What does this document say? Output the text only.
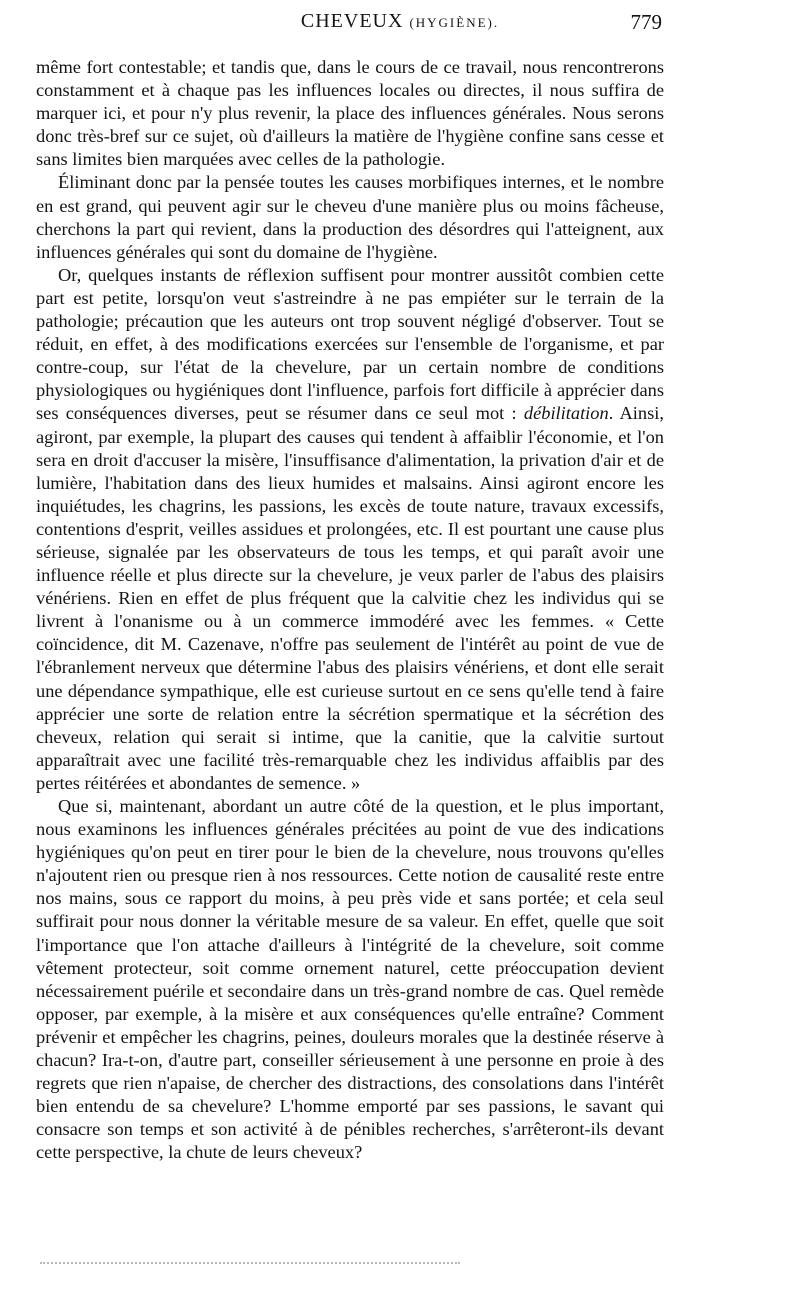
CHEVEUX (HYGIÈNE).	779

même fort contestable; et tandis que, dans le cours de ce travail, nous rencontrerons constamment et à chaque pas les influences locales ou directes, il nous suffira de marquer ici, et pour n'y plus revenir, la place des influences générales. Nous serons donc très-bref sur ce sujet, où d'ailleurs la matière de l'hygiène confine sans cesse et sans limites bien marquées avec celles de la pathologie.

Éliminant donc par la pensée toutes les causes morbifiques internes, et le nombre en est grand, qui peuvent agir sur le cheveu d'une manière plus ou moins fâcheuse, cherchons la part qui revient, dans la production des désordres qui l'atteignent, aux influences générales qui sont du domaine de l'hygiène.

Or, quelques instants de réflexion suffisent pour montrer aussitôt combien cette part est petite, lorsqu'on veut s'astreindre à ne pas empiéter sur le terrain de la pathologie; précaution que les auteurs ont trop souvent négligé d'observer. Tout se réduit, en effet, à des modifications exercées sur l'ensemble de l'organisme, et par contre-coup, sur l'état de la chevelure, par un certain nombre de conditions physiologiques ou hygiéniques dont l'influence, parfois fort difficile à apprécier dans ses conséquences diverses, peut se résumer dans ce seul mot : débilitation. Ainsi, agiront, par exemple, la plupart des causes qui tendent à affaiblir l'économie, et l'on sera en droit d'accuser la misère, l'insuffisance d'alimentation, la privation d'air et de lumière, l'habitation dans des lieux humides et malsains. Ainsi agiront encore les inquiétudes, les chagrins, les passions, les excès de toute nature, travaux excessifs, contentions d'esprit, veilles assidues et prolongées, etc. Il est pourtant une cause plus sérieuse, signalée par les observateurs de tous les temps, et qui paraît avoir une influence réelle et plus directe sur la chevelure, je veux parler de l'abus des plaisirs vénériens. Rien en effet de plus fréquent que la calvitie chez les individus qui se livrent à l'onanisme ou à un commerce immodéré avec les femmes. « Cette coïncidence, dit M. Cazenave, n'offre pas seulement de l'intérêt au point de vue de l'ébranlement nerveux que détermine l'abus des plaisirs vénériens, et dont elle serait une dépendance sympathique, elle est curieuse surtout en ce sens qu'elle tend à faire apprécier une sorte de relation entre la sécrétion spermatique et la sécrétion des cheveux, relation qui serait si intime, que la canitie, que la calvitie surtout apparaîtrait avec une facilité très-remarquable chez les individus affaiblis par des pertes réitérées et abondantes de semence. »

Que si, maintenant, abordant un autre côté de la question, et le plus important, nous examinons les influences générales précitées au point de vue des indications hygiéniques qu'on peut en tirer pour le bien de la chevelure, nous trouvons qu'elles n'ajoutent rien ou presque rien à nos ressources. Cette notion de causalité reste entre nos mains, sous ce rapport du moins, à peu près vide et sans portée; et cela seul suffirait pour nous donner la véritable mesure de sa valeur. En effet, quelle que soit l'importance que l'on attache d'ailleurs à l'intégrité de la chevelure, soit comme vêtement protecteur, soit comme ornement naturel, cette préoccupation devient nécessairement puérile et secondaire dans un très-grand nombre de cas. Quel remède opposer, par exemple, à la misère et aux conséquences qu'elle entraîne? Comment prévenir et empêcher les chagrins, peines, douleurs morales que la destinée réserve à chacun? Ira-t-on, d'autre part, conseiller sérieusement à une personne en proie à des regrets que rien n'apaise, de chercher des distractions, des consolations dans l'intérêt bien entendu de sa chevelure? L'homme emporté par ses passions, le savant qui consacre son temps et son activité à de pénibles recherches, s'arrêteront-ils devant cette perspective, la chute de leurs cheveux?
